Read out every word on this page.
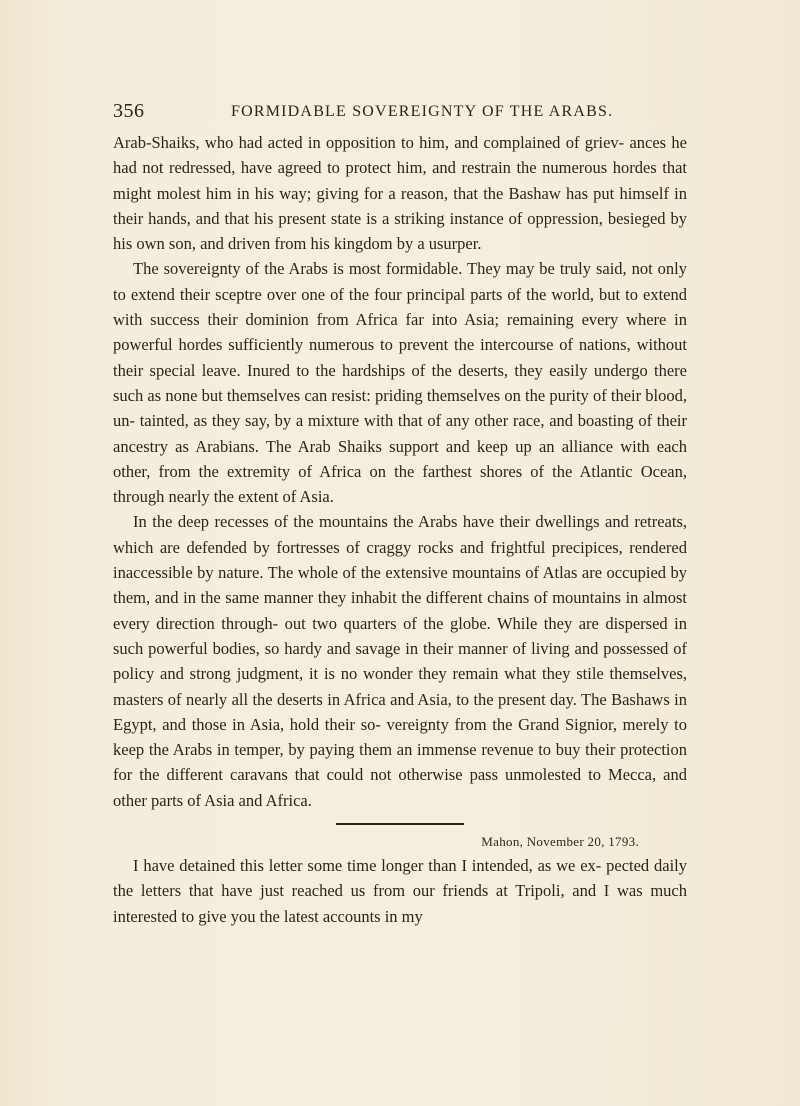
356	FORMIDABLE SOVEREIGNTY OF THE ARABS.

Arab-Shaiks, who had acted in opposition to him, and complained of griev- ances he had not redressed, have agreed to protect him, and restrain the numerous hordes that might molest him in his way; giving for a reason, that the Bashaw has put himself in their hands, and that his present state is a striking instance of oppression, besieged by his own son, and driven from his kingdom by a usurper.

The sovereignty of the Arabs is most formidable. They may be truly said, not only to extend their sceptre over one of the four principal parts of the world, but to extend with success their dominion from Africa far into Asia; remaining every where in powerful hordes sufficiently numerous to prevent the intercourse of nations, without their special leave. Inured to the hardships of the deserts, they easily undergo there such as none but themselves can resist: priding themselves on the purity of their blood, un- tainted, as they say, by a mixture with that of any other race, and boasting of their ancestry as Arabians. The Arab Shaiks support and keep up an alliance with each other, from the extremity of Africa on the farthest shores of the Atlantic Ocean, through nearly the extent of Asia.

In the deep recesses of the mountains the Arabs have their dwellings and retreats, which are defended by fortresses of craggy rocks and frightful precipices, rendered inaccessible by nature. The whole of the extensive mountains of Atlas are occupied by them, and in the same manner they inhabit the different chains of mountains in almost every direction through- out two quarters of the globe. While they are dispersed in such powerful bodies, so hardy and savage in their manner of living and possessed of policy and strong judgment, it is no wonder they remain what they stile themselves, masters of nearly all the deserts in Africa and Asia, to the present day. The Bashaws in Egypt, and those in Asia, hold their so- vereignty from the Grand Signior, merely to keep the Arabs in temper, by paying them an immense revenue to buy their protection for the different caravans that could not otherwise pass unmolested to Mecca, and other parts of Asia and Africa.

Mahon, November 20, 1793.

I have detained this letter some time longer than I intended, as we ex- pected daily the letters that have just reached us from our friends at Tripoli, and I was much interested to give you the latest accounts in my
